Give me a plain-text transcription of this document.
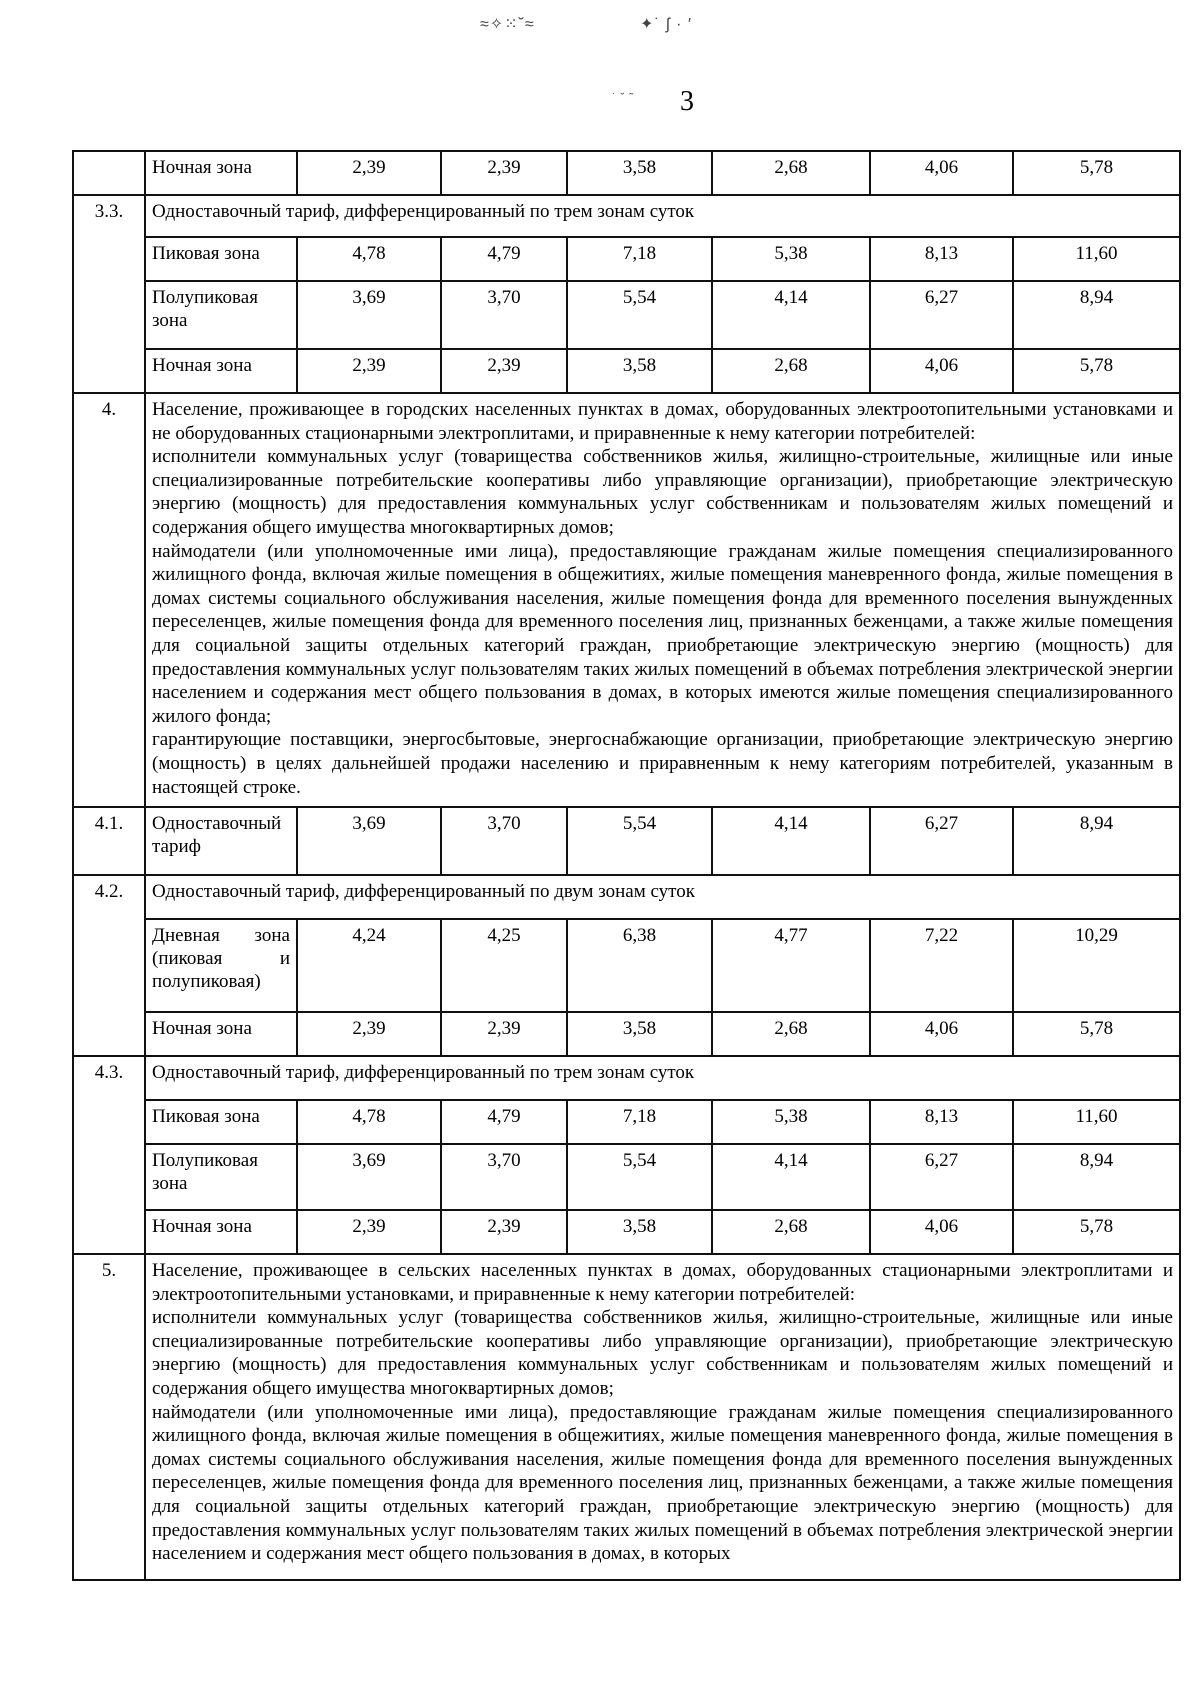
≈✧⁙˘≈	✦˙ ʃ · ′
˙ ˘ ˜ 3
	Ночная зона	2,39	2,39	3,58	2,68	4,06	5,78
3.3.	Одноставочный тариф, дифференцированный по трем зонам суток						
	Пиковая зона	4,78	4,79	7,18	5,38	8,13	11,60
	Полупиковая зона	3,69	3,70	5,54	4,14	6,27	8,94
	Ночная зона	2,39	2,39	3,58	2,68	4,06	5,78
4.	Население, проживающее в городских населенных пунктах в домах, оборудованных электроотопительными установками и не оборудованных стационарными электроплитами, и приравненные к нему категории потребителей:

исполнители коммунальных услуг (товарищества собственников жилья, жилищно-строительные, жилищные или иные специализированные потребительские кооперативы либо управляющие организации), приобретающие электрическую энергию (мощность) для предоставления коммунальных услуг собственникам и пользователям жилых помещений и содержания общего имущества многоквартирных домов;

наймодатели (или уполномоченные ими лица), предоставляющие гражданам жилые помещения специализированного жилищного фонда, включая жилые помещения в общежитиях, жилые помещения маневренного фонда, жилые помещения в домах системы социального обслуживания населения, жилые помещения фонда для временного поселения вынужденных переселенцев, жилые помещения фонда для временного поселения лиц, признанных беженцами, а также жилые помещения для социальной защиты отдельных категорий граждан, приобретающие электрическую энергию (мощность) для предоставления коммунальных услуг пользователям таких жилых помещений в объемах потребления электрической энергии населением и содержания мест общего пользования в домах, в которых имеются жилые помещения специализированного жилого фонда;

гарантирующие поставщики, энергосбытовые, энергоснабжающие организации, приобретающие электрическую энергию (мощность) в целях дальнейшей продажи населению и приравненным к нему категориям потребителей, указанным в настоящей строке.						

4.1.	Одноставочный тариф	3,69	3,70	5,54	4,14	6,27	8,94
4.2.	Одноставочный тариф, дифференцированный по двум зонам суток						

	Дневная зона
(пиковая и
полупиковая)	4,24	4,25	6,38	4,77	7,22	10,29
	Ночная зона	2,39	2,39	3,58	2,68	4,06	5,78
4.3.	Одноставочный тариф, дифференцированный по трем зонам суток						
	Пиковая зона	4,78	4,79	7,18	5,38	8,13	11,60
	Полупиковая зона	3,69	3,70	5,54	4,14	6,27	8,94
	Ночная зона	2,39	2,39	3,58	2,68	4,06	5,78
5.	Население, проживающее в сельских населенных пунктах в домах, оборудованных стационарными электроплитами и электроотопительными установками, и приравненные к нему категории потребителей:

исполнители коммунальных услуг (товарищества собственников жилья, жилищно-строительные, жилищные или иные специализированные потребительские кооперативы либо управляющие организации), приобретающие электрическую энергию (мощность) для предоставления коммунальных услуг собственникам и пользователям жилых помещений и содержания общего имущества многоквартирных домов;

наймодатели (или уполномоченные ими лица), предоставляющие гражданам жилые помещения специализированного жилищного фонда, включая жилые помещения в общежитиях, жилые помещения маневренного фонда, жилые помещения в домах системы социального обслуживания населения, жилые помещения фонда для временного поселения вынужденных переселенцев, жилые помещения фонда для временного поселения лиц, признанных беженцами, а также жилые помещения для социальной защиты отдельных категорий граждан, приобретающие электрическую энергию (мощность) для предоставления коммунальных услуг пользователям таких жилых помещений в объемах потребления электрической энергии населением и содержания мест общего пользования в домах, в которых						
